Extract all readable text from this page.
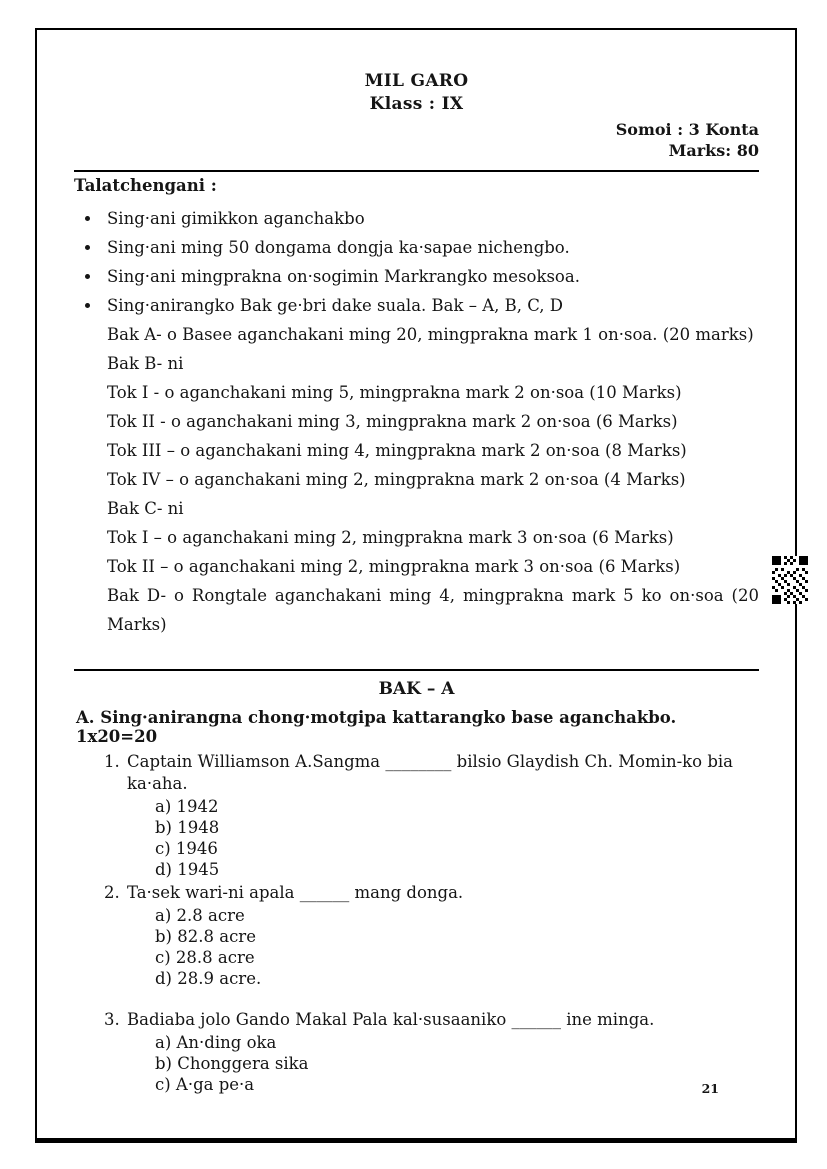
MIL GARO
Klass : IX
Somoi : 3 Konta
Marks: 80
Talatchengani :
• Sing·ani gimikkon aganchakbo
• Sing·ani ming 50 dongama dongja ka·sapae nichengbo.
• Sing·ani mingprakna on·sogimin Markrangko mesoksoa.
• Sing·anirangko Bak ge·bri dake suala. Bak – A, B, C, D

Bak A- o Basee aganchakani ming 20, mingprakna mark 1 on·soa. (20 marks)

Bak B- ni

Tok I - o aganchakani ming 5, mingprakna mark 2 on·soa (10 Marks)

Tok II - o aganchakani ming 3, mingprakna mark 2 on·soa (6 Marks)

Tok III – o aganchakani ming 4, mingprakna mark 2 on·soa (8 Marks)

Tok IV – o aganchakani ming 2, mingprakna mark 2 on·soa (4 Marks)

Bak C- ni

Tok I – o aganchakani ming 2, mingprakna mark 3 on·soa (6 Marks)

Tok II – o aganchakani ming 2, mingprakna mark 3 on·soa (6 Marks)

Bak D- o Rongtale aganchakani ming 4, mingprakna mark 5 ko on·soa (20 Marks)

BAK – A
A. Sing·anirangna chong·motgipa kattarangko base aganchakbo. 1x20=20
1. Captain Williamson A.Sangma ________ bilsio Glaydish Ch. Momin-ko bia ka·aha.
a) 1942
b) 1948
c) 1946
d) 1945
2. Ta·sek wari-ni apala ______ mang donga.
a) 2.8 acre
b) 82.8 acre
c) 28.8 acre
d) 28.9 acre.
3. Badiaba jolo Gando Makal Pala kal·susaaniko ______ ine minga.
a) An·ding oka
b) Chonggera sika
c) A·ga pe·a	21
